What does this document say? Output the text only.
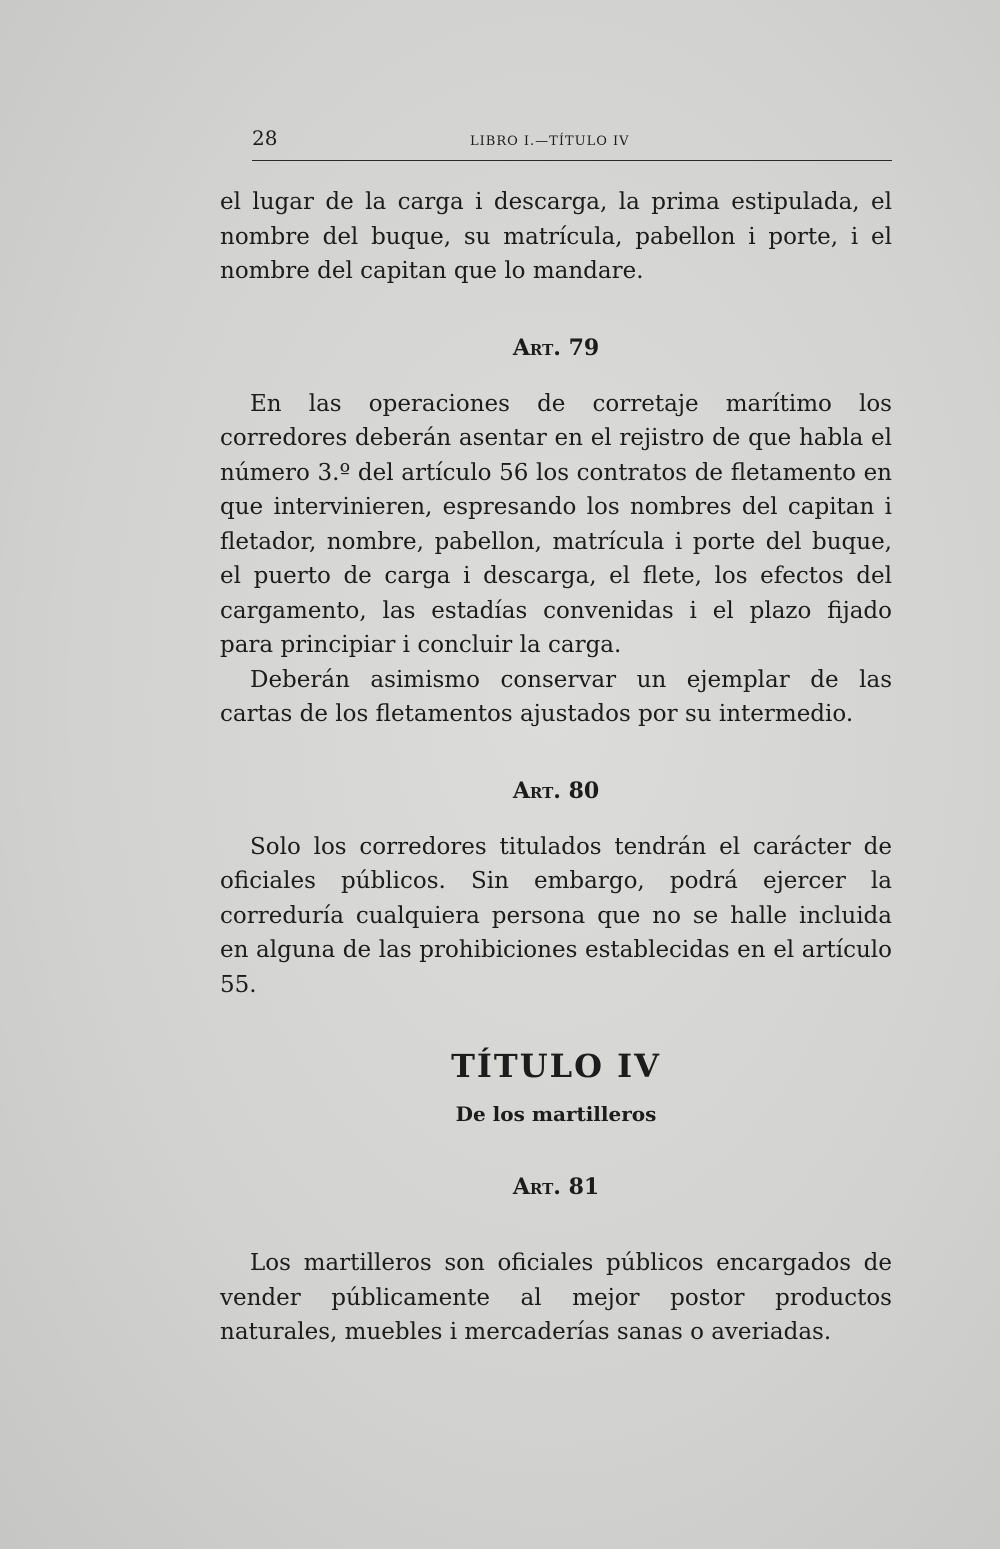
28	LIBRO I.—TÍTULO IV

el lugar de la carga i descarga, la prima estipulada, el nombre del buque, su matrícula, pabellon i porte, i el nombre del capitan que lo mandare.

Art. 79

En las operaciones de corretaje marítimo los corredores deberán asentar en el rejistro de que habla el número 3.º del artículo 56 los contratos de fletamento en que intervinieren, espresando los nombres del capitan i fletador, nombre, pabellon, matrícula i porte del buque, el puerto de carga i descarga, el flete, los efectos del cargamento, las estadías convenidas i el plazo fijado para principiar i concluir la carga.

Deberán asimismo conservar un ejemplar de las cartas de los fletamentos ajustados por su intermedio.

Art. 80

Solo los corredores titulados tendrán el carácter de oficiales públicos. Sin embargo, podrá ejercer la correduría cualquiera persona que no se halle incluida en alguna de las prohibiciones establecidas en el artículo 55.

TÍTULO IV
De los martilleros
Art. 81

Los martilleros son oficiales públicos encargados de vender públicamente al mejor postor productos naturales, muebles i mercaderías sanas o averiadas.
